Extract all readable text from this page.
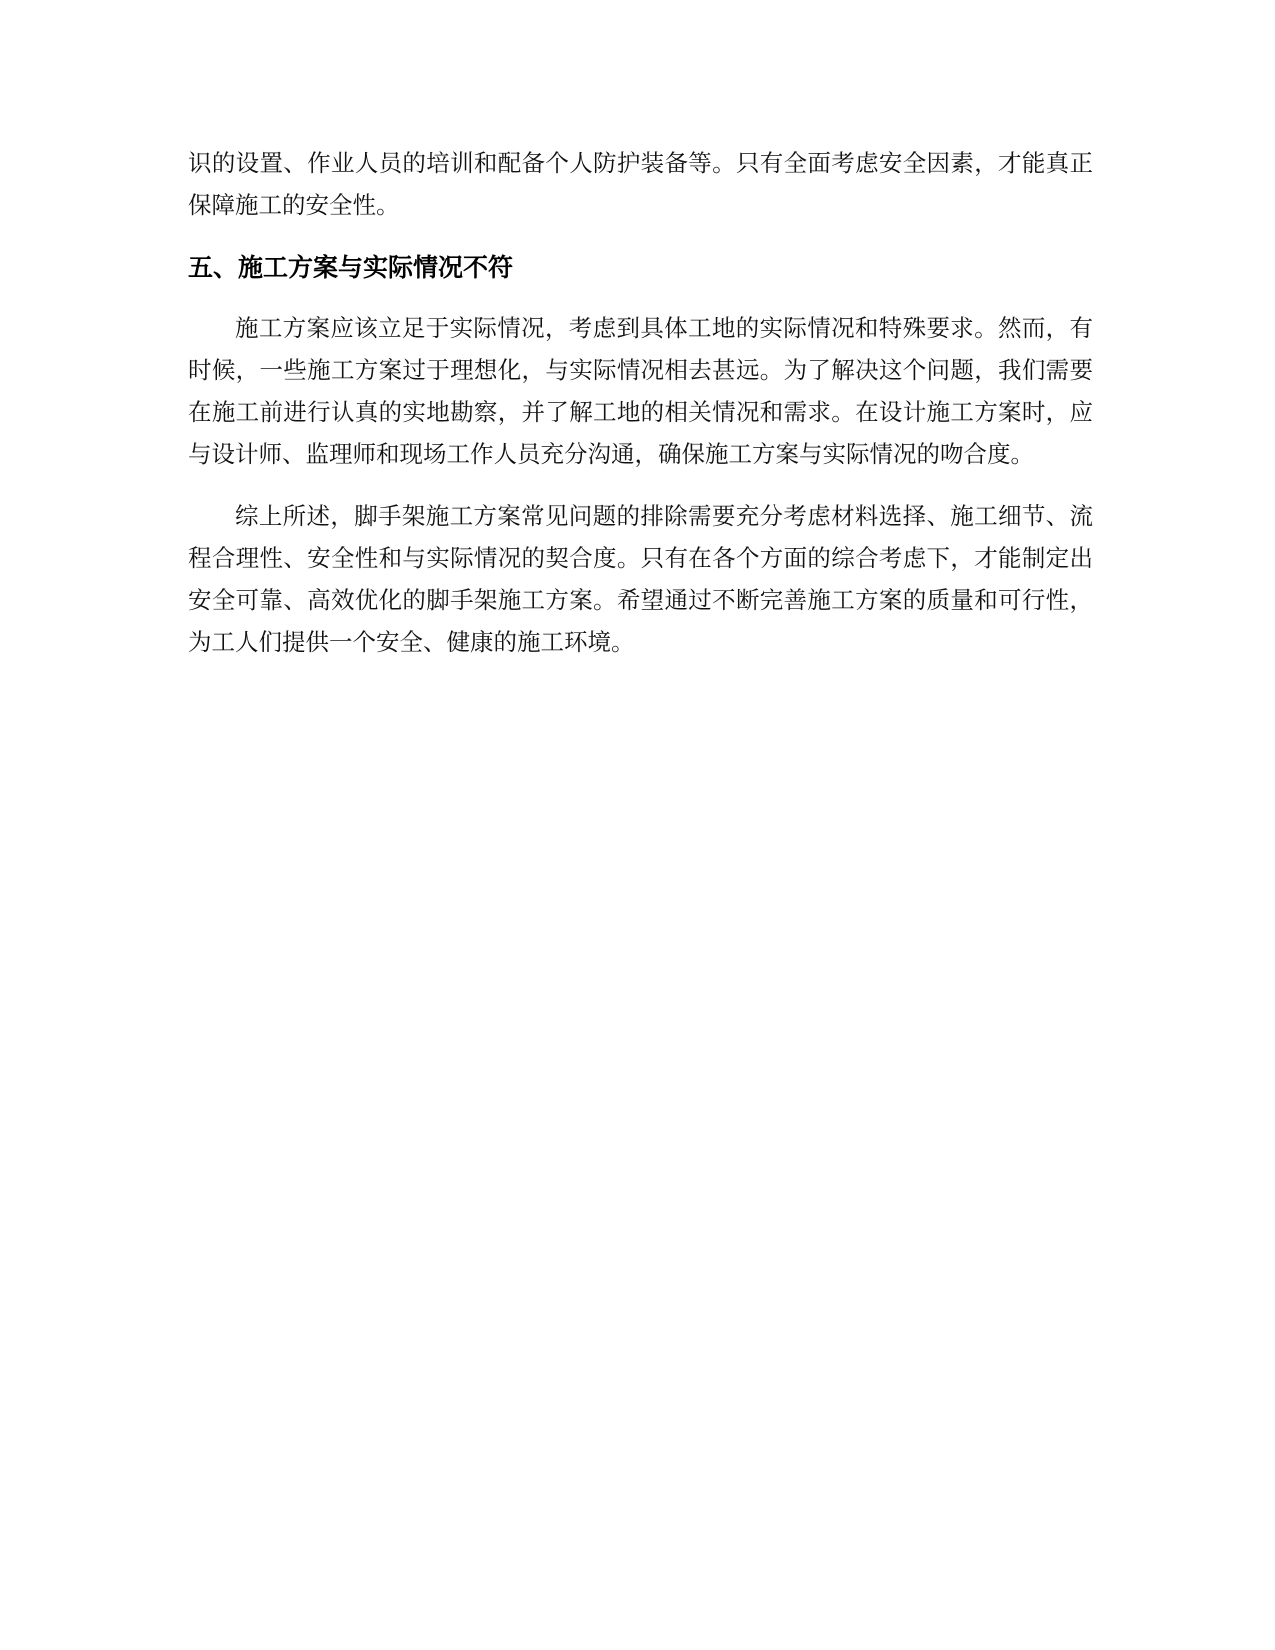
识的设置、作业人员的培训和配备个人防护装备等。只有全面考虑安全因素，才能真正保障施工的安全性。

五、施工方案与实际情况不符

施工方案应该立足于实际情况，考虑到具体工地的实际情况和特殊要求。然而，有时候，一些施工方案过于理想化，与实际情况相去甚远。为了解决这个问题，我们需要在施工前进行认真的实地勘察，并了解工地的相关情况和需求。在设计施工方案时，应与设计师、监理师和现场工作人员充分沟通，确保施工方案与实际情况的吻合度。

综上所述，脚手架施工方案常见问题的排除需要充分考虑材料选择、施工细节、流程合理性、安全性和与实际情况的契合度。只有在各个方面的综合考虑下，才能制定出安全可靠、高效优化的脚手架施工方案。希望通过不断完善施工方案的质量和可行性，为工人们提供一个安全、健康的施工环境。
